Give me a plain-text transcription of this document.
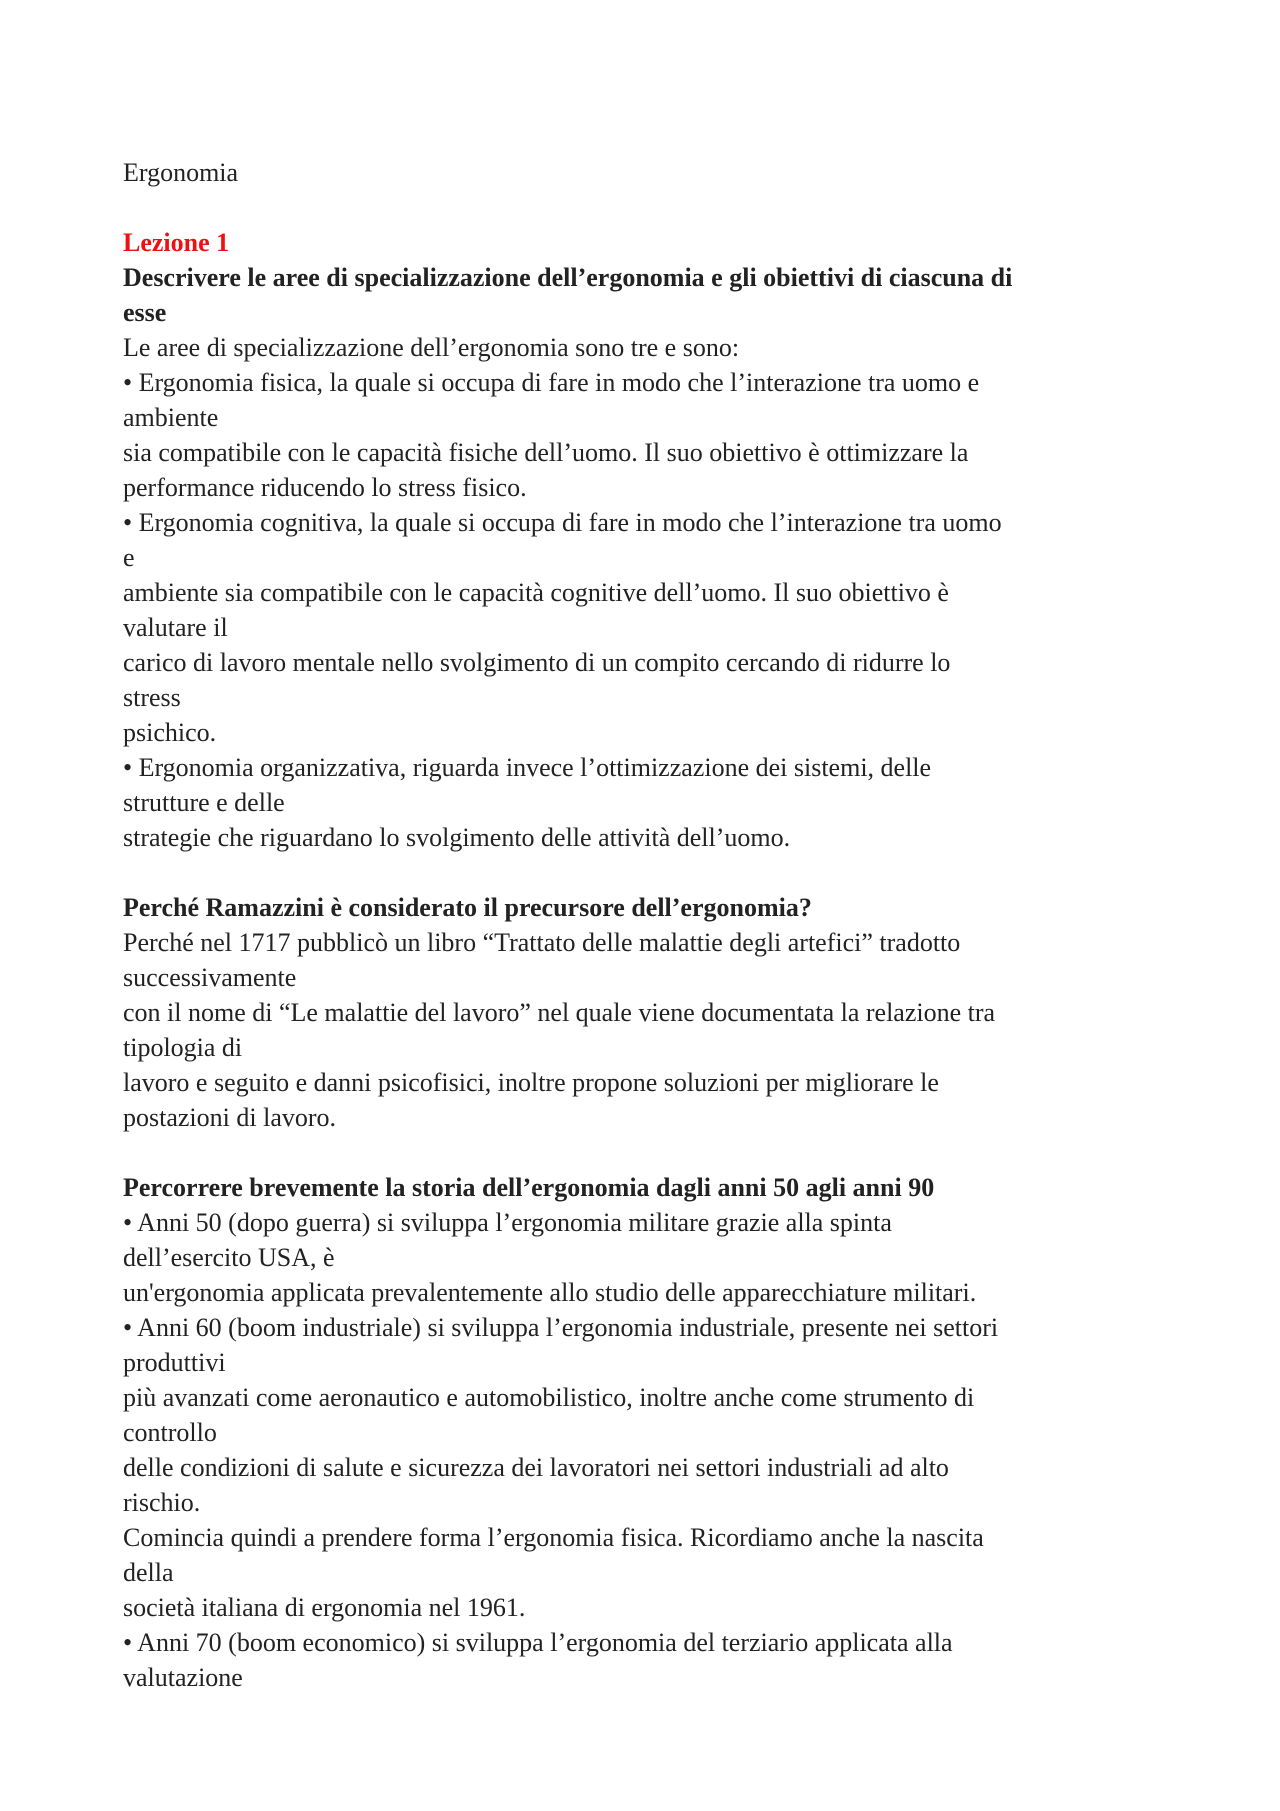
Ergonomia
Lezione 1
Descrivere le aree di specializzazione dell’ergonomia e gli obiettivi di ciascuna di
esse
Le aree di specializzazione dell’ergonomia sono tre e sono:
• Ergonomia fisica, la quale si occupa di fare in modo che l’interazione tra uomo e
ambiente
sia compatibile con le capacità fisiche dell’uomo. Il suo obiettivo è ottimizzare la
performance riducendo lo stress fisico.
• Ergonomia cognitiva, la quale si occupa di fare in modo che l’interazione tra uomo
e
ambiente sia compatibile con le capacità cognitive dell’uomo. Il suo obiettivo è
valutare il
carico di lavoro mentale nello svolgimento di un compito cercando di ridurre lo
stress
psichico.
• Ergonomia organizzativa, riguarda invece l’ottimizzazione dei sistemi, delle
strutture e delle
strategie che riguardano lo svolgimento delle attività dell’uomo.
Perché Ramazzini è considerato il precursore dell’ergonomia?
Perché nel 1717 pubblicò un libro “Trattato delle malattie degli artefici” tradotto
successivamente
con il nome di “Le malattie del lavoro” nel quale viene documentata la relazione tra
tipologia di
lavoro e seguito e danni psicofisici, inoltre propone soluzioni per migliorare le
postazioni di lavoro.
Percorrere brevemente la storia dell’ergonomia dagli anni 50 agli anni 90
• Anni 50 (dopo guerra) si sviluppa l’ergonomia militare grazie alla spinta
dell’esercito USA, è
un'ergonomia applicata prevalentemente allo studio delle apparecchiature militari.
• Anni 60 (boom industriale) si sviluppa l’ergonomia industriale, presente nei settori
produttivi
più avanzati come aeronautico e automobilistico, inoltre anche come strumento di
controllo
delle condizioni di salute e sicurezza dei lavoratori nei settori industriali ad alto
rischio.
Comincia quindi a prendere forma l’ergonomia fisica. Ricordiamo anche la nascita
della
società italiana di ergonomia nel 1961.
• Anni 70 (boom economico) si sviluppa l’ergonomia del terziario applicata alla
valutazione
